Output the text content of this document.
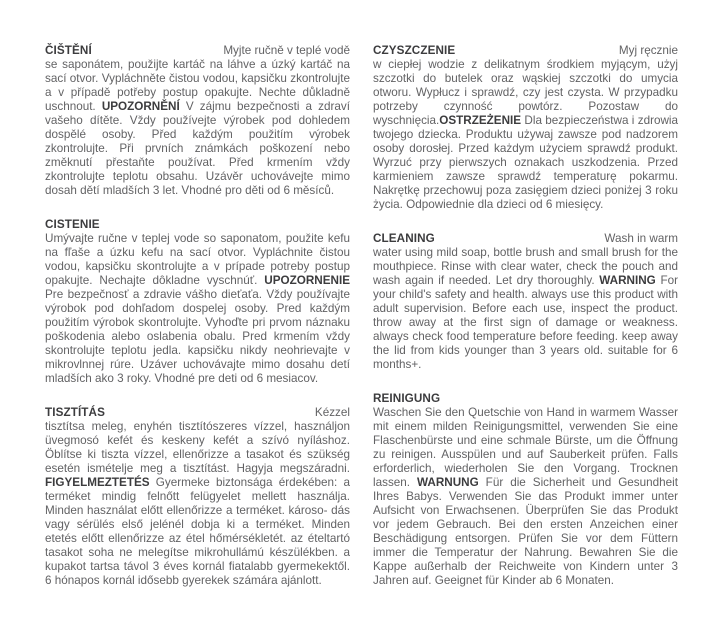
ČIŠTĚNÍ	Myjte ručně v teplé vodě

se saponátem, použijte kartáč na láhve a úzký kartáč na sací otvor. Vypláchněte čistou vodou, kapsičku zkontrolujte a v případě potřeby postup opakujte. Nechte důkladně uschnout. UPOZORNĚNÍ V zájmu bezpečnosti a zdraví vašeho dítěte. Vždy používejte výrobek pod dohledem dospělé osoby. Před každým použitím výrobek zkontrolujte. Při prvních známkách poškození nebo změknutí přestaňte používat. Před krmením vždy zkontrolujte teplotu obsahu. Uzávěr uchovávejte mimo dosah dětí mladších 3 let. Vhodné pro děti od 6 měsíců.

CISTENIE

Umývajte ručne v teplej vode so saponatom, použite kefu na fľaše a úzku kefu na sací otvor. Vypláchnite čistou vodou, kapsičku skontrolujte a v prípade potreby postup opakujte. Nechajte dôkladne vyschnúť. UPOZORNENIE Pre bezpečnosť a zdravie vášho dieťaťa. Vždy používajte výrobok pod dohľadom dospelej osoby. Pred každým použitím výrobok skontrolujte. Vyhoďte pri prvom náznaku poškodenia alebo oslabenia obalu. Pred krmením vždy skontrolujte teplotu jedla. kapsičku nikdy neohrievajte v mikrovlnnej rúre. Uzáver uchovávajte mimo dosahu detí mladších ako 3 roky. Vhodné pre deti od 6 mesiacov.

TISZTÍTÁS	Kézzel

tisztítsa meleg, enyhén tisztítószeres vízzel, használjon üvegmosó kefét és keskeny kefét a szívó nyíláshoz. Öblítse ki tiszta vízzel, ellenőrizze a tasakot és szükség esetén ismételje meg a tisztítást. Hagyja megszáradni. FIGYELMEZTETÉS Gyermeke biztonsága érdekében: a terméket mindig felnőtt felügyelet mellett használja. Minden használat előtt ellenőrizze a terméket. károso- dás vagy sérülés első jelénél dobja ki a terméket. Minden etetés előtt ellenőrizze az étel hőmérsékletét. az ételtartó tasakot soha ne melegítse mikrohullámú készülékben. a kupakot tartsa távol 3 éves kornál fiatalabb gyermekektől. 6 hónapos kornál idősebb gyerekek számára ajánlott.

CZYSZCZENIE	Myj ręcznie

w ciepłej wodzie z delikatnym środkiem myjącym, użyj szczotki do butelek oraz wąskiej szczotki do umycia otworu. Wypłucz i sprawdź, czy jest czysta. W przypadku potrzeby czynność powtórz. Pozostaw do wyschnięcia.OSTRZEŻENIE Dla bezpieczeństwa i zdrowia twojego dziecka. Produktu używaj zawsze pod nadzorem osoby dorosłej. Przed każdym użyciem sprawdź produkt. Wyrzuć przy pierwszych oznakach uszkodzenia. Przed karmieniem zawsze sprawdź temperaturę pokarmu. Nakrętkę przechowuj poza zasięgiem dzieci poniżej 3 roku życia. Odpowiednie dla dzieci od 6 miesięcy.

CLEANING	Wash in warm

water using mild soap, bottle brush and small brush for the mouthpiece. Rinse with clear water, check the pouch and wash again if needed. Let dry thoroughly. WARNING For your child's safety and health. always use this product with adult supervision. Before each use, inspect the product. throw away at the first sign of damage or weakness. always check food temperature before feeding. keep away the lid from kids younger than 3 years old. suitable for 6 months+.

REINIGUNG

Waschen Sie den Quetschie von Hand in warmem Wasser mit einem milden Reinigungsmittel, verwenden Sie eine Flaschenbürste und eine schmale Bürste, um die Öffnung zu reinigen. Ausspülen und auf Sauberkeit prüfen. Falls erforderlich, wiederholen Sie den Vorgang. Trocknen lassen. WARNUNG Für die Sicherheit und Gesundheit Ihres Babys. Verwenden Sie das Produkt immer unter Aufsicht von Erwachsenen. Überprüfen Sie das Produkt vor jedem Gebrauch. Bei den ersten Anzeichen einer Beschädigung entsorgen. Prüfen Sie vor dem Füttern immer die Temperatur der Nahrung. Bewahren Sie die Kappe außerhalb der Reichweite von Kindern unter 3 Jahren auf. Geeignet für Kinder ab 6 Monaten.
